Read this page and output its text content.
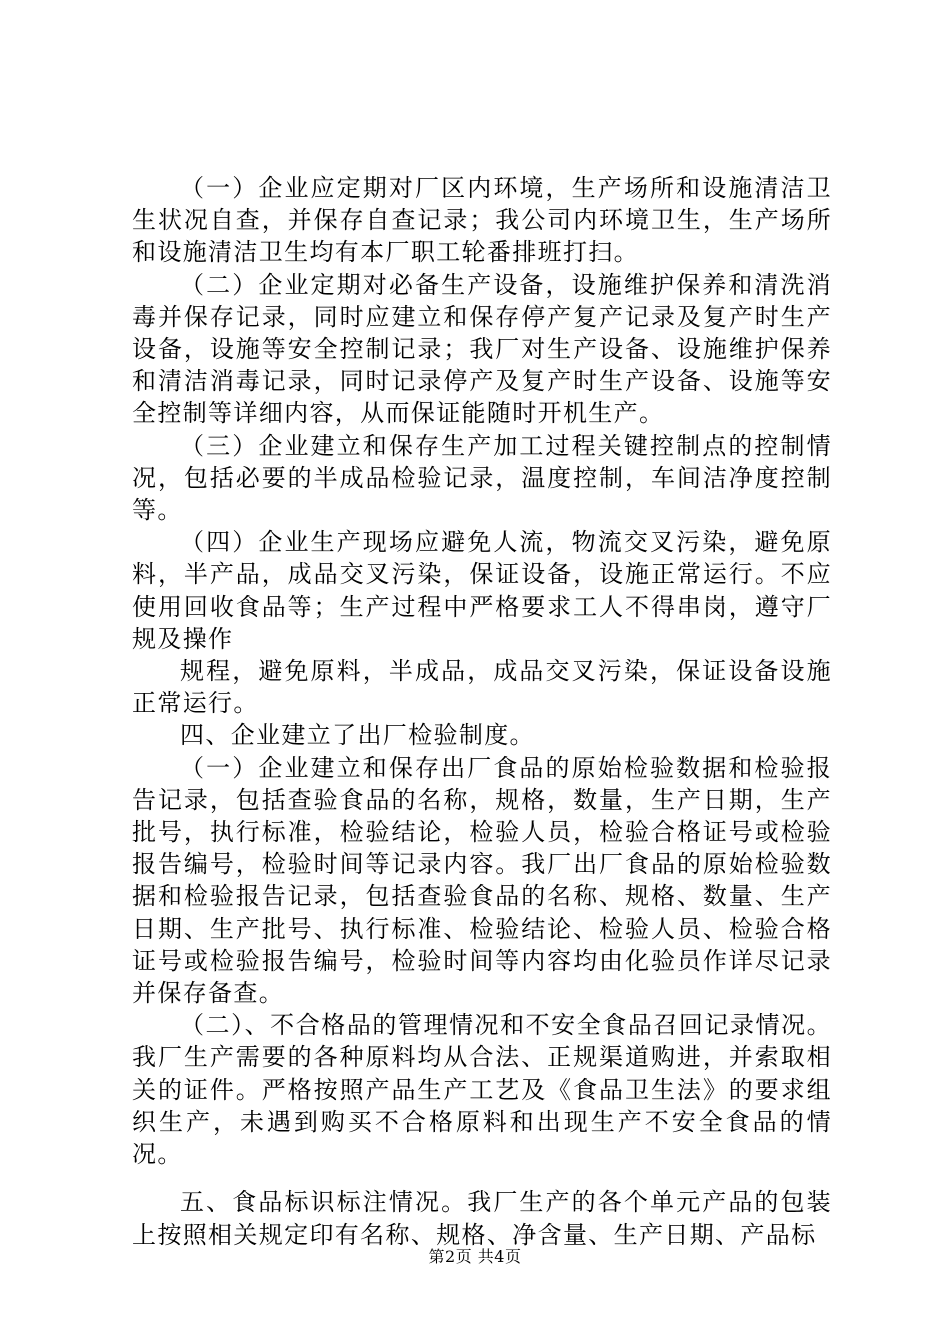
（一）企业应定期对厂区内环境，生产场所和设施清洁卫生状况自查，并保存自查记录；我公司内环境卫生，生产场所和设施清洁卫生均有本厂职工轮番排班打扫。

（二）企业定期对必备生产设备，设施维护保养和清洗消毒并保存记录，同时应建立和保存停产复产记录及复产时生产设备，设施等安全控制记录；我厂对生产设备、设施维护保养和清洁消毒记录，同时记录停产及复产时生产设备、设施等安全控制等详细内容，从而保证能随时开机生产。

（三）企业建立和保存生产加工过程关键控制点的控制情况，包括必要的半成品检验记录，温度控制，车间洁净度控制等。

（四）企业生产现场应避免人流，物流交叉污染，避免原料，半产品，成品交叉污染，保证设备，设施正常运行。不应使用回收食品等；生产过程中严格要求工人不得串岗，遵守厂规及操作

规程，避免原料，半成品，成品交叉污染，保证设备设施正常运行。

四、企业建立了出厂检验制度。

（一）企业建立和保存出厂食品的原始检验数据和检验报告记录，包括查验食品的名称，规格，数量，生产日期，生产批号，执行标准，检验结论，检验人员，检验合格证号或检验报告编号，检验时间等记录内容。我厂出厂食品的原始检验数据和检验报告记录，包括查验食品的名称、规格、数量、生产日期、生产批号、执行标准、检验结论、检验人员、检验合格证号或检验报告编号，检验时间等内容均由化验员作详尽记录并保存备查。

（二）、不合格品的管理情况和不安全食品召回记录情况。我厂生产需要的各种原料均从合法、正规渠道购进，并索取相关的证件。严格按照产品生产工艺及《食品卫生法》的要求组织生产，未遇到购买不合格原料和出现生产不安全食品的情况。

五、食品标识标注情况。我厂生产的各个单元产品的包装上按照相关规定印有名称、规格、净含量、生产日期、产品标

第2页 共4页
